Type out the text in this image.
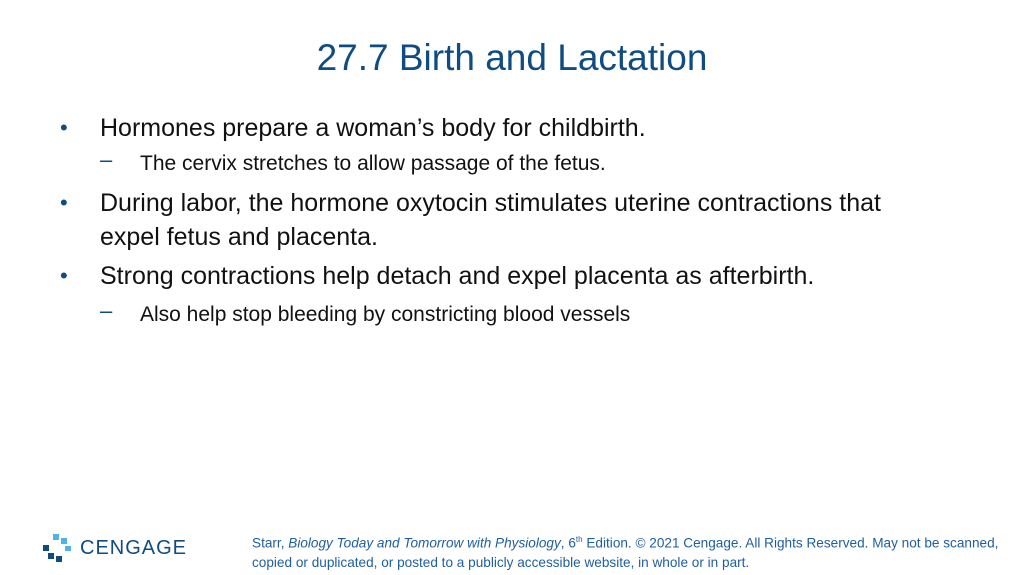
27.7 Birth and Lactation
• Hormones prepare a woman’s body for childbirth.
– The cervix stretches to allow passage of the fetus.
• During labor, the hormone oxytocin stimulates uterine contractions that expel fetus and placenta.
• Strong contractions help detach and expel placenta as afterbirth.
– Also help stop bleeding by constricting blood vessels
CENGAGE	Starr, Biology Today and Tomorrow with Physiology, 6th Edition. © 2021 Cengage. All Rights Reserved. May not be scanned, copied or duplicated, or posted to a publicly accessible website, in whole or in part.
